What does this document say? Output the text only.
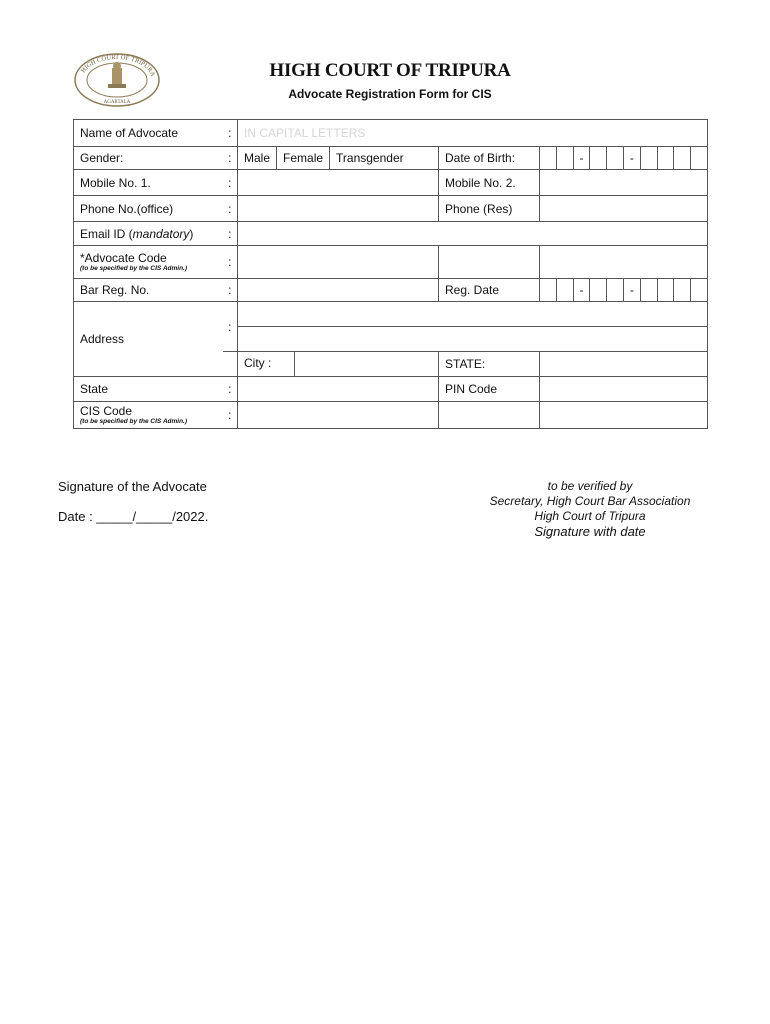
HIGH COURT OF TRIPURA
AGARTALA
HIGH COURT OF TRIPURA
Advocate Registration Form for CIS
Name of Advocate	:	IN CAPITAL LETTERS		
Gender:	:	Male Female Transgender	Date of Birth:	- -

Mobile No. 1.	:		Mobile No. 2.	
Phone No.(office)	:		Phone (Res)	
Email ID (mandatory)	:			
*Advocate Code
(to be specified by the CIS Admin.)	:			
Bar Reg. No.	:		Reg. Date	- -

Address	:			

		City :	STATE:	
State	:		PIN Code	
CIS Code
(to be specified by the CIS Admin.)	:			
Signature of the Advocate
Date : _____/_____/2022.
to be verified by
Secretary, High Court Bar Association
High Court of Tripura
Signature with date
